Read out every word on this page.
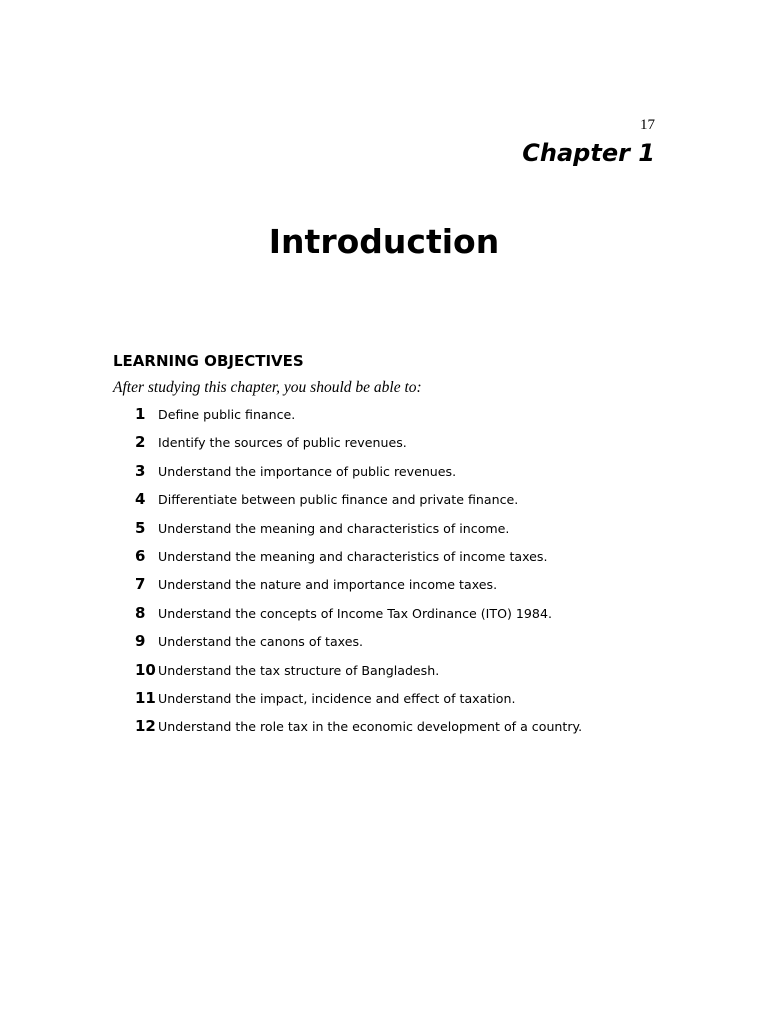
17
Chapter 1
Introduction
LEARNING OBJECTIVES
After studying this chapter, you should be able to:
1 Define public finance.
2 Identify the sources of public revenues.
3 Understand the importance of public revenues.
4 Differentiate between public finance and private finance.
5 Understand the meaning and characteristics of income.
6 Understand the meaning and characteristics of income taxes.
7 Understand the nature and importance income taxes.
8 Understand the concepts of Income Tax Ordinance (ITO) 1984.
9 Understand the canons of taxes.
10 Understand the tax structure of Bangladesh.
11 Understand the impact, incidence and effect of taxation.
12 Understand the role tax in the economic development of a country.
